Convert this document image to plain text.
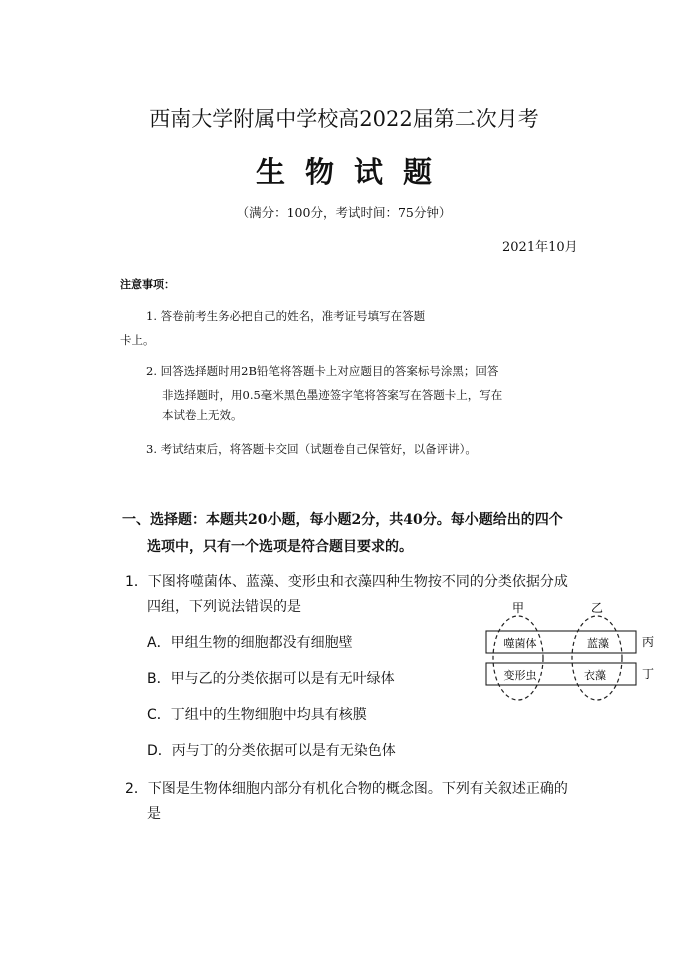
西南大学附属中学校高2022届第二次月考
生物试题
（满分：100分，考试时间：75分钟）
2021年10月
注意事项：
1. 答卷前考生务必把自己的姓名，准考证号填写在答题
卡上。
2. 回答选择题时用2B铅笔将答题卡上对应题目的答案标号涂黑；回答
非选择题时，用0.5毫米黑色墨迹签字笔将答案写在答题卡上，写在
本试卷上无效。
3. 考试结束后，将答题卡交回（试题卷自己保管好，以备评讲）。
一、选择题：本题共20小题，每小题2分，共40分。每小题给出的四个
选项中，只有一个选项是符合题目要求的。
1．下图将噬菌体、蓝藻、变形虫和衣藻四种生物按不同的分类依据分成
四组，下列说法错误的是
A．甲组生物的细胞都没有细胞壁
B．甲与乙的分类依据可以是有无叶绿体
C．丁组中的生物细胞中均具有核膜
D．丙与丁的分类依据可以是有无染色体
甲	乙
噬菌体	蓝藻
变形虫	衣藻
丙
丁
2．下图是生物体细胞内部分有机化合物的概念图。下列有关叙述正确的
是
